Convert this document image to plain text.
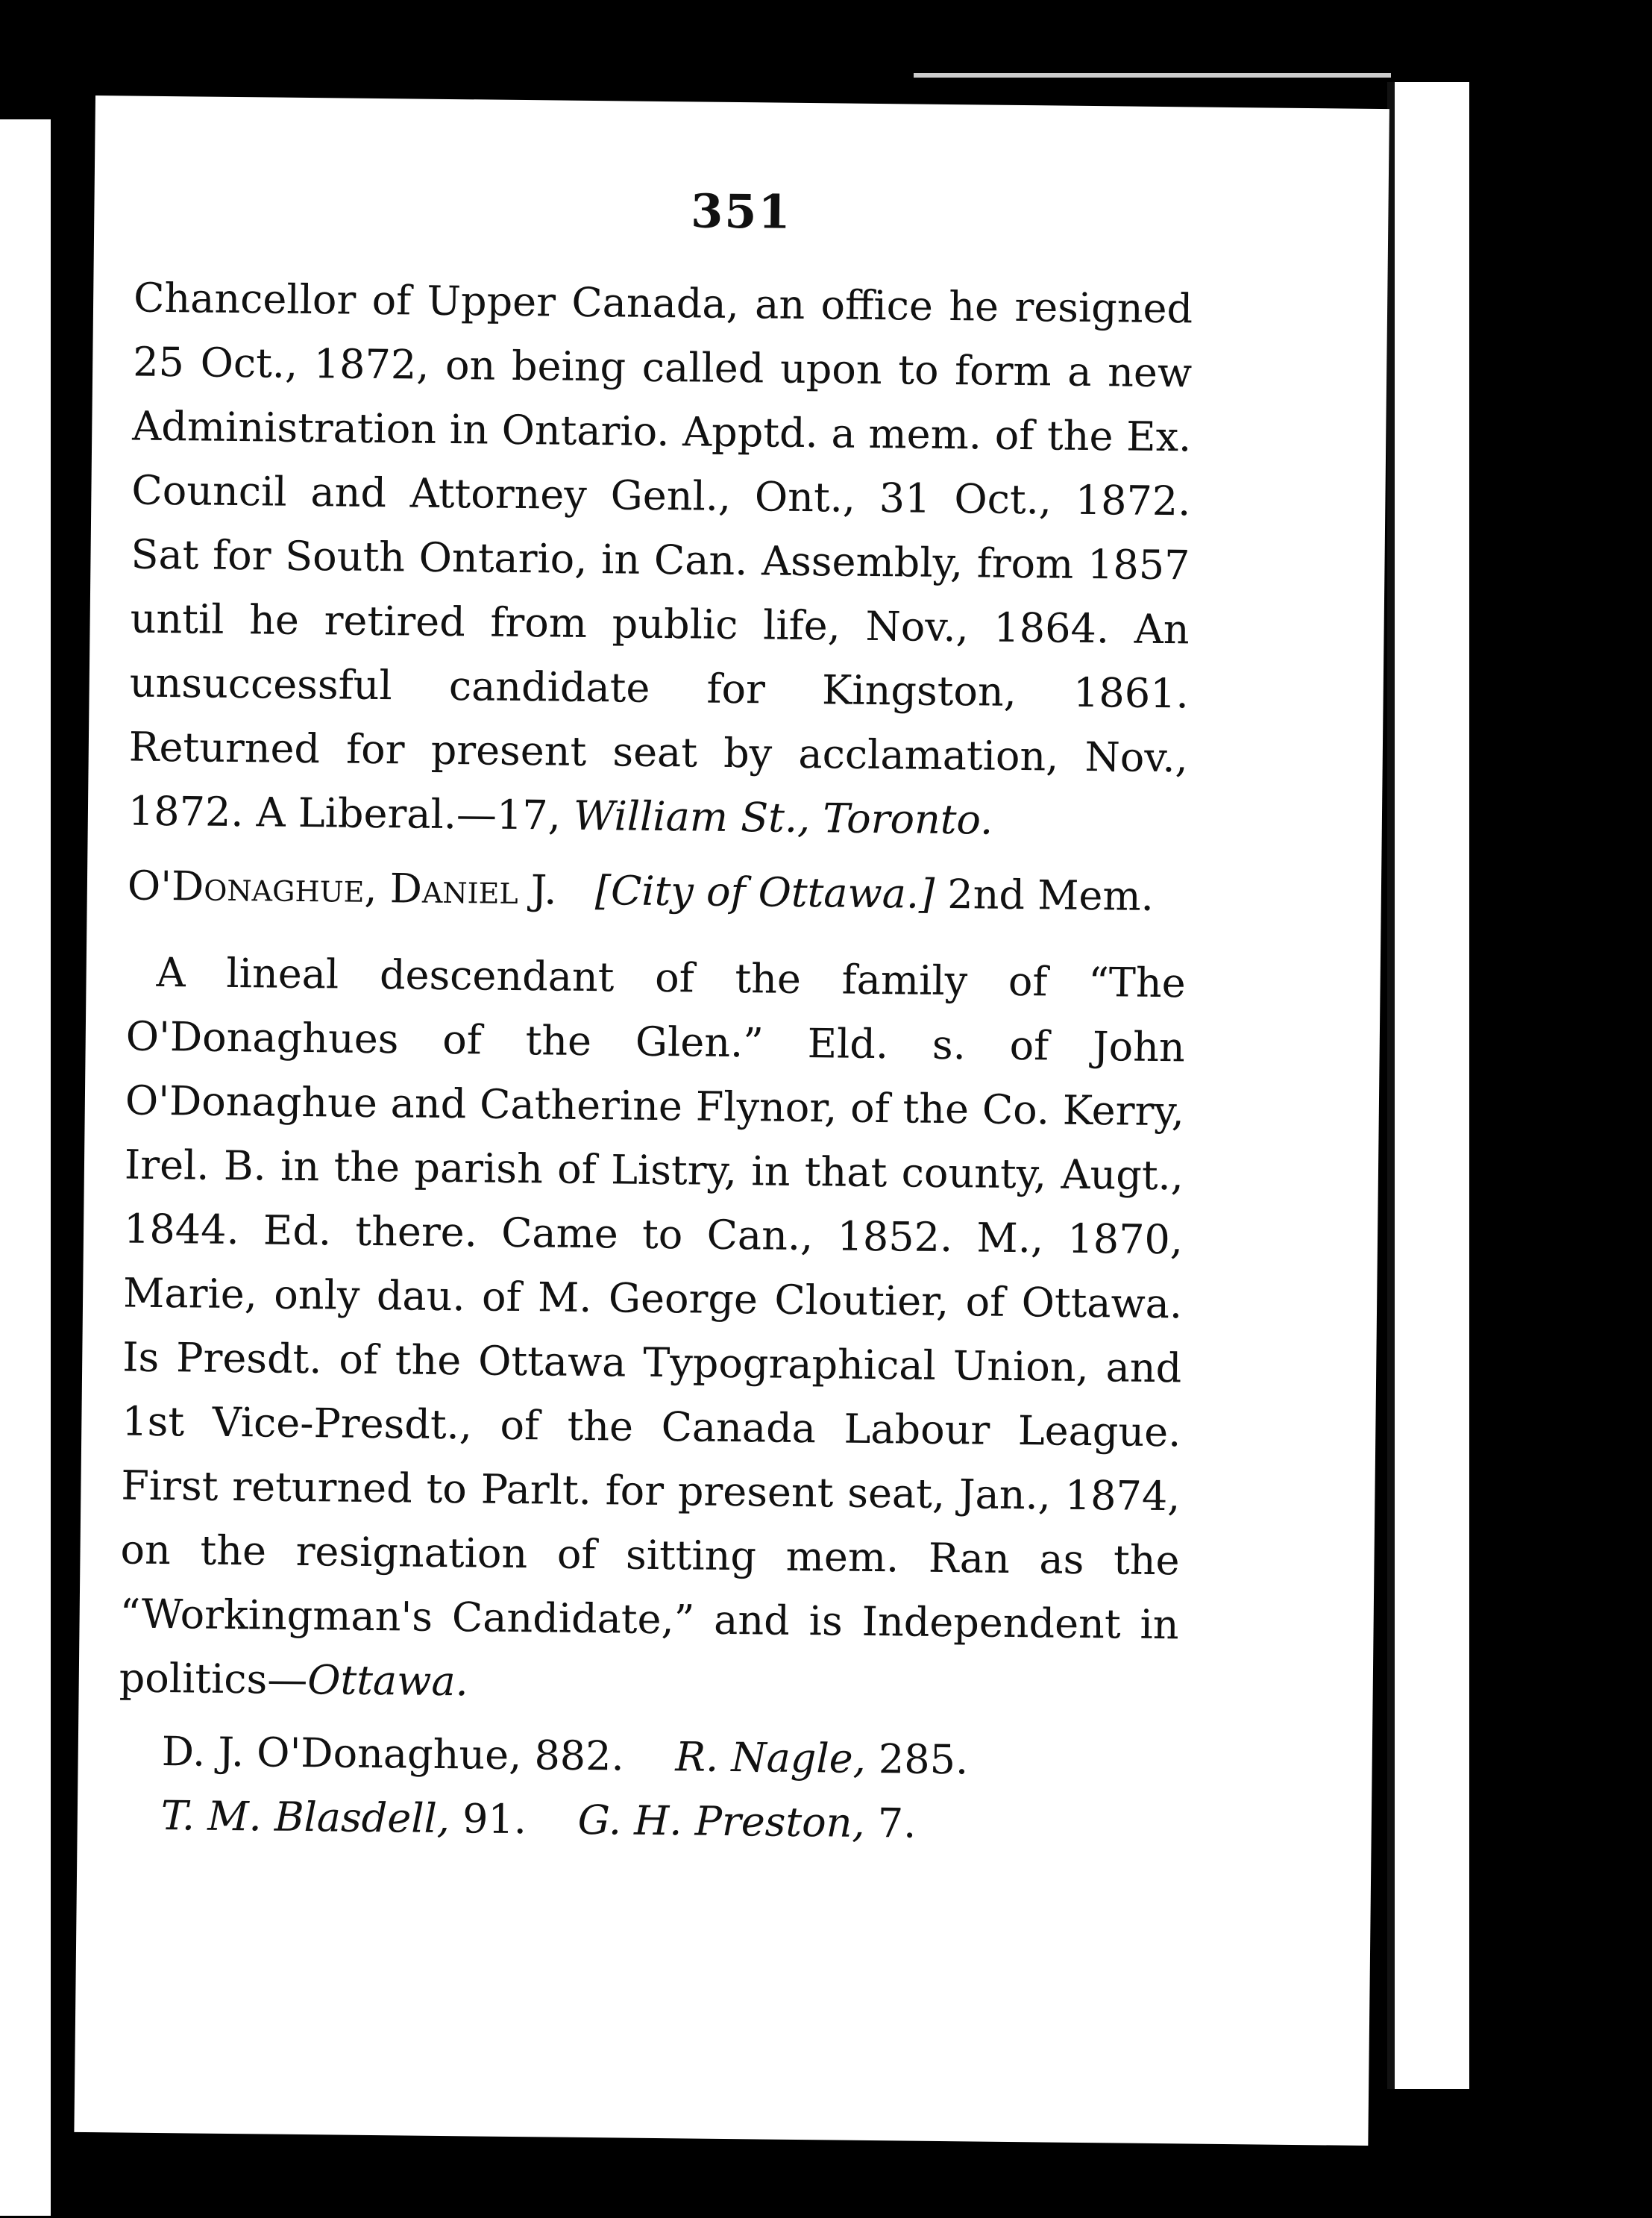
351

Chancellor of Upper Canada, an office he resigned 25 Oct., 1872, on being called upon to form a new Administration in Ontario. Apptd. a mem. of the Ex. Council and Attorney Genl., Ont., 31 Oct., 1872. Sat for South Ontario, in Can. Assembly, from 1857 until he retired from public life, Nov., 1864. An unsuccessful candidate for Kingston, 1861. Returned for present seat by acclamation, Nov., 1872. A Liberal.—17, William St., Toronto.

O'Donaghue, Daniel J. [City of Ottawa.] 2nd Mem.

A lineal descendant of the family of “The O'Donaghues of the Glen.” Eld. s. of John O'Donaghue and Catherine Flynor, of the Co. Kerry, Irel. B. in the parish of Listry, in that county, Augt., 1844. Ed. there. Came to Can., 1852. M., 1870, Marie, only dau. of M. George Cloutier, of Ottawa. Is Presdt. of the Ottawa Typographical Union, and 1st Vice-Presdt., of the Canada Labour League. First returned to Parlt. for present seat, Jan., 1874, on the resignation of sitting mem. Ran as the “Workingman's Candidate,” and is Independent in politics—Ottawa.

D. J. O'Donaghue, 882. R. Nagle, 285.
T. M. Blasdell, 91. G. H. Preston, 7.
